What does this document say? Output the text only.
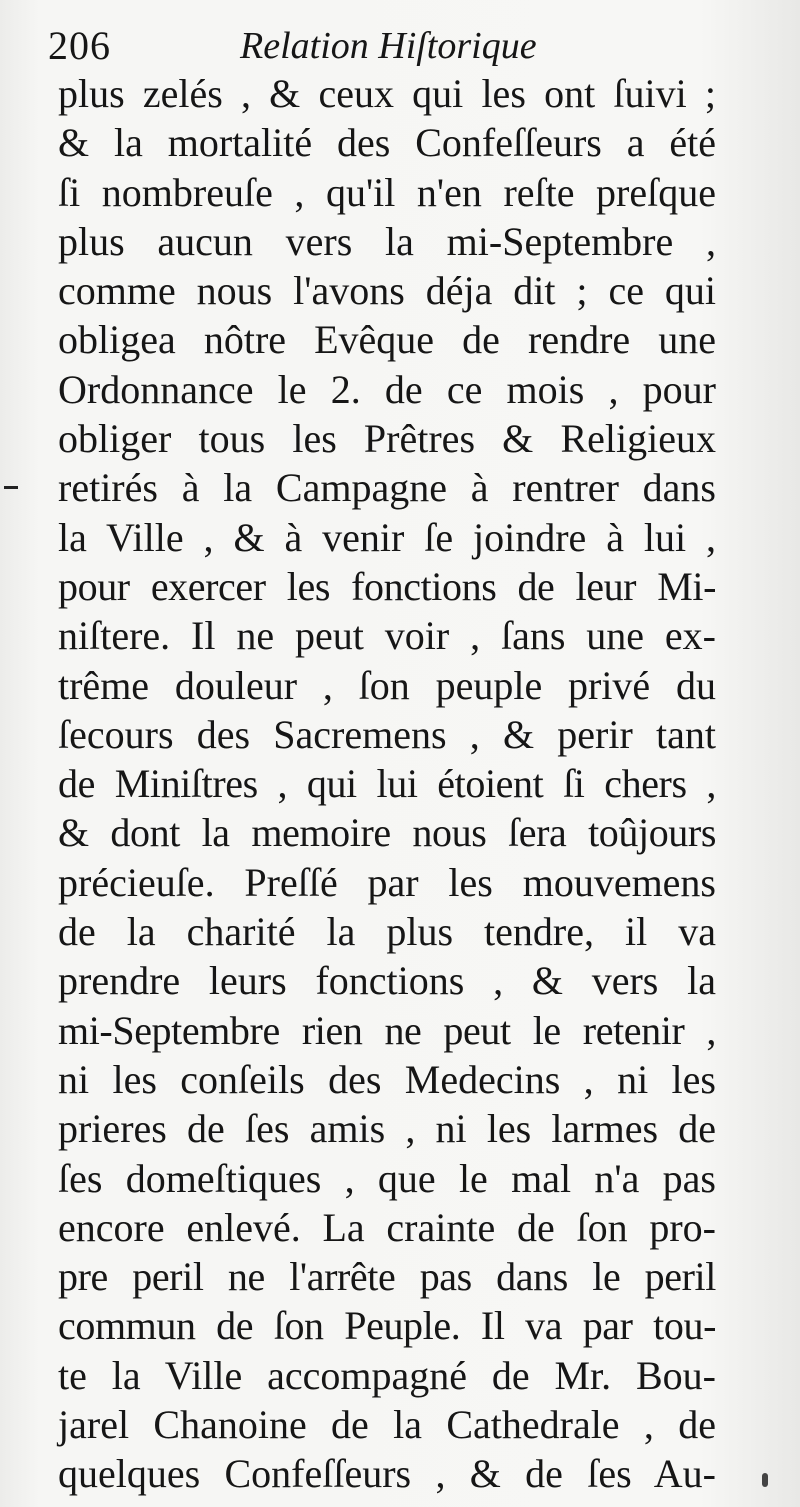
206	Relation Hiſtorique
plus zelés , & ceux qui les ont ſuivi ;
& la mortalité des Confeſſeurs a été
ſi nombreuſe , qu'il n'en reſte preſque
plus aucun vers la mi-Septembre ,
comme nous l'avons déja dit ; ce qui
obligea nôtre Evêque de rendre une
Ordonnance le 2. de ce mois , pour
obliger tous les Prêtres & Religieux
retirés à la Campagne à rentrer dans
la Ville , & à venir ſe joindre à lui ,
pour exercer les fonctions de leur Mi-
niſtere. Il ne peut voir , ſans une ex-
trême douleur , ſon peuple privé du
ſecours des Sacremens , & perir tant
de Miniſtres , qui lui étoient ſi chers ,
& dont la memoire nous ſera toûjours
précieuſe. Preſſé par les mouvemens
de la charité la plus tendre, il va
prendre leurs fonctions , & vers la
mi-Septembre rien ne peut le retenir ,
ni les conſeils des Medecins , ni les
prieres de ſes amis , ni les larmes de
ſes domeſtiques , que le mal n'a pas
encore enlevé. La crainte de ſon pro-
pre peril ne l'arrête pas dans le peril
commun de ſon Peuple. Il va par tou-
te la Ville accompagné de Mr. Bou-
jarel Chanoine de la Cathedrale , de
quelques Confeſſeurs , & de ſes Au-
